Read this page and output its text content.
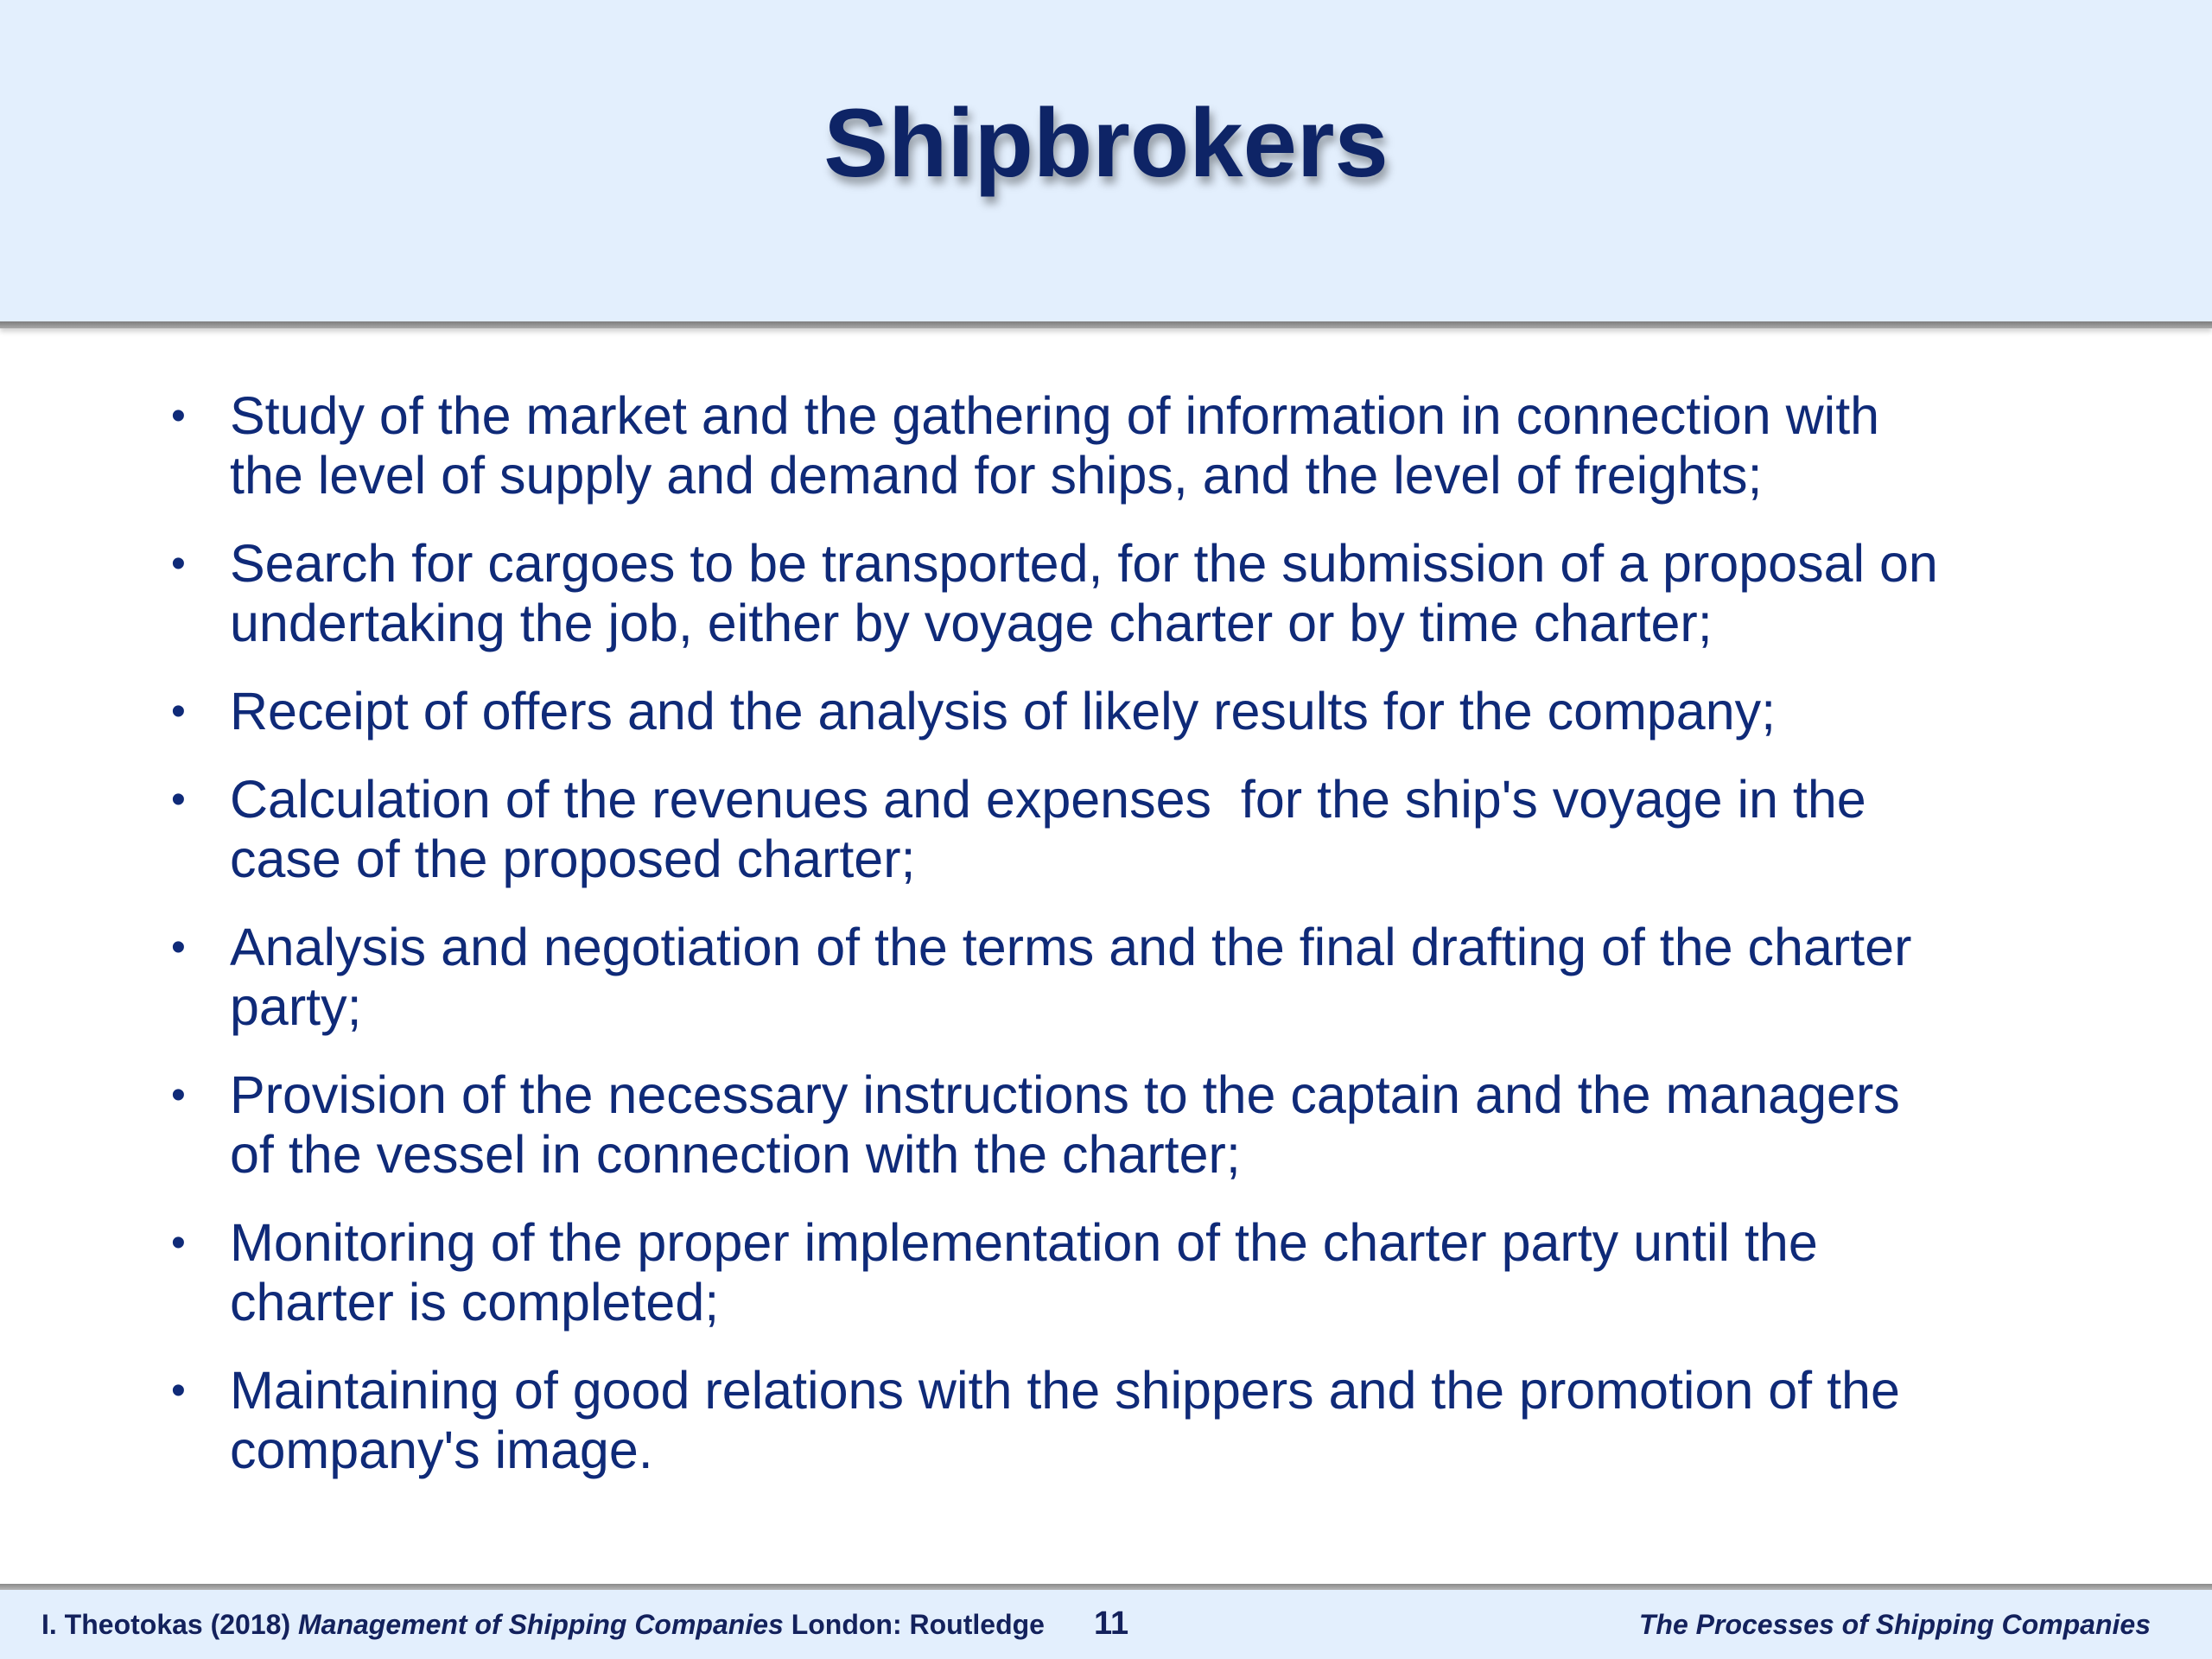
Shipbrokers
• Study of the market and the gathering of information in connection with
the level of supply and demand for ships, and the level of freights;
• Search for cargoes to be transported, for the submission of a proposal on
undertaking the job, either by voyage charter or by time charter;
• Receipt of offers and the analysis of likely results for the company;
• Calculation of the revenues and expenses  for the ship's voyage in the
case of the proposed charter;
• Analysis and negotiation of the terms and the final drafting of the charter
party;
• Provision of the necessary instructions to the captain and the managers
of the vessel in connection with the charter;
• Monitoring of the proper implementation of the charter party until the
charter is completed;
• Maintaining of good relations with the shippers and the promotion of the
company's image.
I. Theotokas (2018) Management of Shipping Companies London: Routledge 11	The Processes of Shipping Companies
